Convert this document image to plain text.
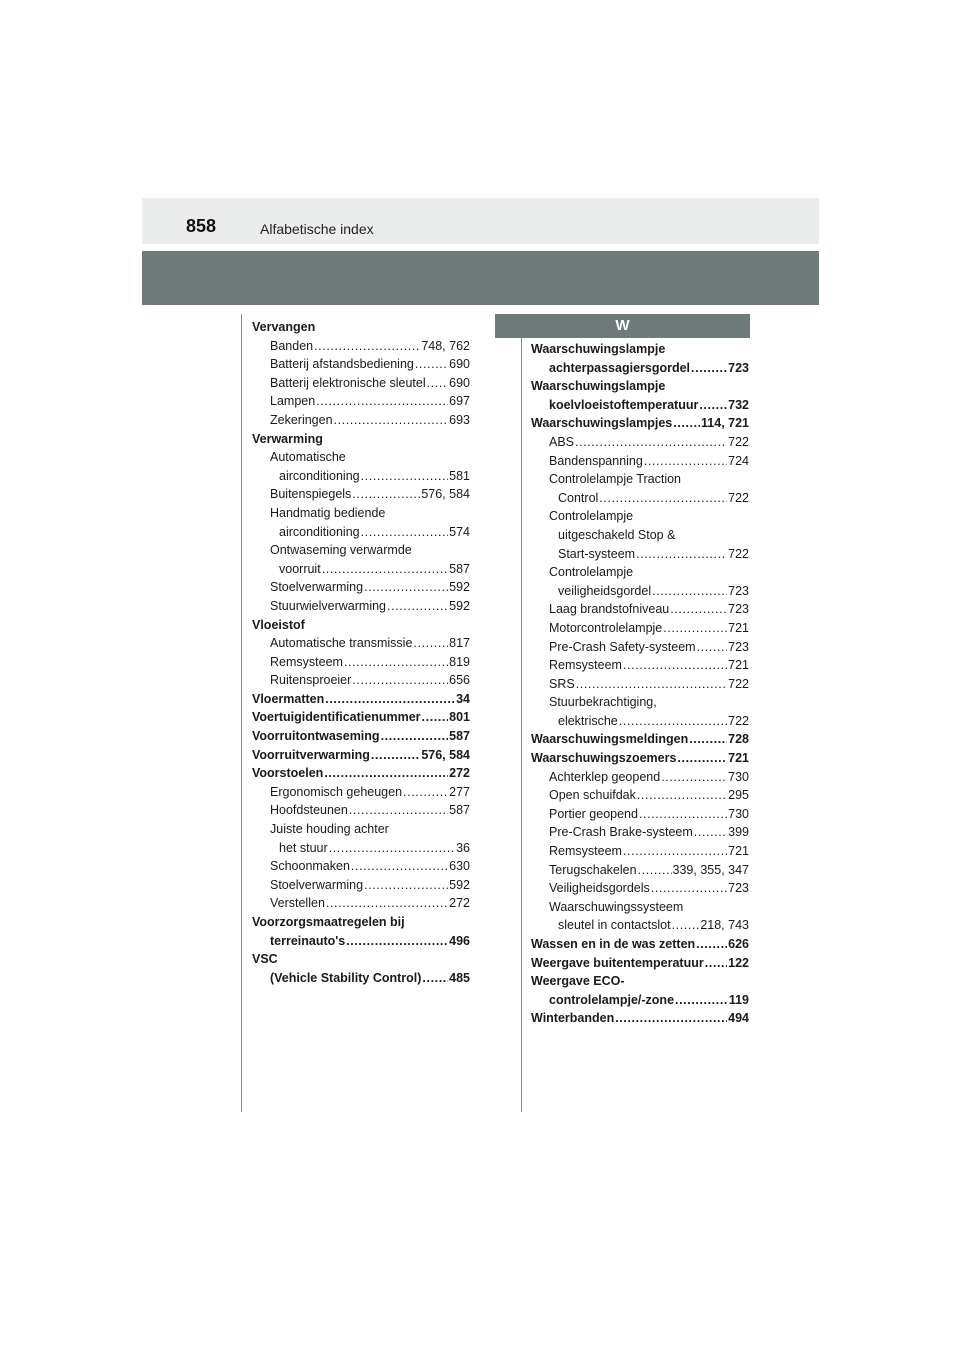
858	Alfabetische index
W
Vervangen
Banden .....	748, 762
Batterij afstandsbediening .....	690
Batterij elektronische sleutel ..... 690
Lampen .....	697
Zekeringen .....	693
Verwarming
Automatische
airconditioning .....	581
Buitenspiegels .....	576, 584
Handmatig bediende
airconditioning .....	574
Ontwaseming verwarmde
voorruit .....	587
Stoelverwarming .....	592
Stuurwielverwarming .....	592
Vloeistof
Automatische transmissie .....	817
Remsysteem .....	819
Ruitensproeier .....	656
Vloermatten .....	34
Voertuigidentificatienummer ..... 801
Voorruitontwaseming .....	587
Voorruitverwarming .....	576, 584
Voorstoelen .....	272
Ergonomisch geheugen .....	277
Hoofdsteunen .....	587
Juiste houding achter
het stuur .....	36
Schoonmaken .....	630
Stoelverwarming .....	592
Verstellen .....	272
Voorzorgsmaatregelen bij
terreinauto's .....	496
VSC
(Vehicle Stability Control) ..... 485
Waarschuwingslampje
achterpassagiersgordel .....	723
Waarschuwingslampje
koelvloeistoftemperatuur ..... 732
Waarschuwingslampjes ..... 114, 721
ABS .....	722
Bandenspanning .....	724
Controlelampje Traction
Control .....	722
Controlelampje
uitgeschakeld Stop &
Start-systeem .....	722
Controlelampje
veiligheidsgordel .....	723
Laag brandstofniveau .....	723
Motorcontrolelampje .....	721
Pre-Crash Safety-systeem .....	723
Remsysteem .....	721
SRS .....	722
Stuurbekrachtiging,
elektrische .....	722
Waarschuwingsmeldingen .....	728
Waarschuwingszoemers .....	721
Achterklep geopend .....	730
Open schuifdak .....	295
Portier geopend .....	730
Pre-Crash Brake-systeem .....	399
Remsysteem .....	721
Terugschakelen .....	339, 355, 347
Veiligheidsgordels .....	723
Waarschuwingssysteem
sleutel in contactslot ..... 218, 743
Wassen en in de was zetten .....	626
Weergave buitentemperatuur ..... 122
Weergave ECO-
controlelampje/-zone .....	119
Winterbanden .....	494
